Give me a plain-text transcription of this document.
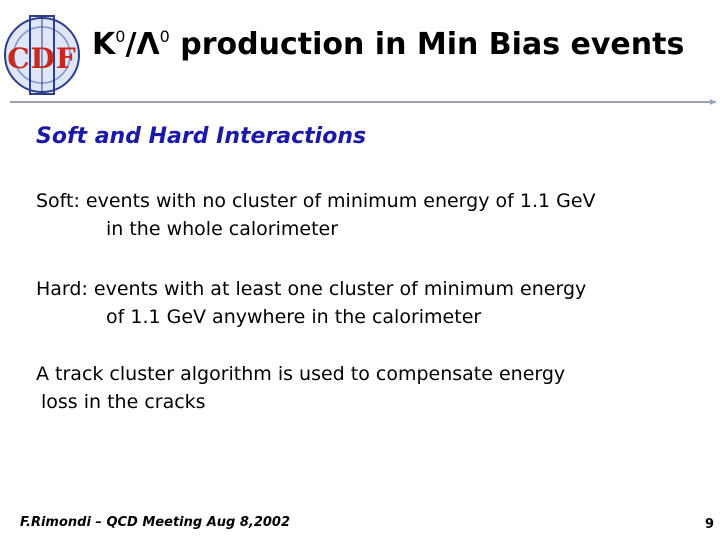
CDF $K^0/\Lambda^0$ production in Min Bias events
Soft and Hard Interactions
Soft: events with no cluster of minimum energy of 1.1 GeV
in the whole calorimeter
Hard: events with at least one cluster of minimum energy
of 1.1 GeV anywhere in the calorimeter
A track cluster algorithm is used to compensate energy
loss in the cracks
F.Rimondi – QCD Meeting Aug 8,2002	9
